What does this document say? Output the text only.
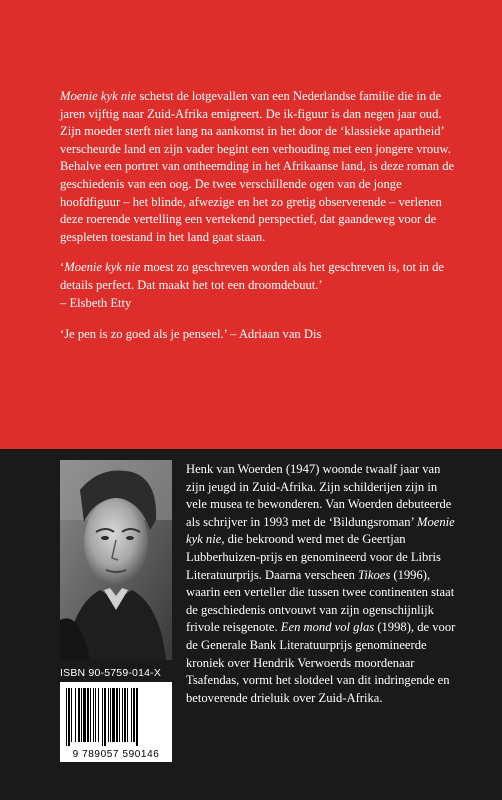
Moenie kyk nie schetst de lotgevallen van een Nederlandse familie die in de jaren vijftig naar Zuid-Afrika emigreert. De ik-figuur is dan negen jaar oud. Zijn moeder sterft niet lang na aankomst in het door de ‘klassieke apartheid’ verscheurde land en zijn vader begint een verhouding met een jongere vrouw.

Behalve een portret van ontheemding in het Afrikaanse land, is deze roman de geschiedenis van een oog. De twee verschillende ogen van de jonge hoofdfiguur – het blinde, afwezige en het zo gretig observerende – verlenen deze roerende vertelling een vertekend perspectief, dat gaandeweg voor de gespleten toestand in het land gaat staan.

‘Moenie kyk nie moest zo geschreven worden als het geschreven is, tot in de details perfect. Dat maakt het tot een droomdebuut.’

– Elsbeth Etty

‘Je pen is zo goed als je penseel.’ – Adriaan van Dis

ISBN 90-5759-014-X
9 789057 590146

Henk van Woerden (1947) woonde twaalf jaar van zijn jeugd in Zuid-Afrika. Zijn schilderijen zijn in vele musea te bewonderen. Van Woerden debuteerde als schrijver in 1993 met de ‘Bildungsroman’ Moenie kyk nie, die bekroond werd met de Geertjan Lubberhuizen-prijs en genomineerd voor de Libris Literatuurprijs. Daarna verscheen Tikoes (1996), waarin een verteller die tussen twee continenten staat de geschiedenis ontvouwt van zijn ogenschijnlijk frivole reisgenote. Een mond vol glas (1998), de voor de Generale Bank Literatuurprijs genomineerde kroniek over Hendrik Verwoerds moordenaar Tsafendas, vormt het slotdeel van dit indringende en betoverende drieluik over Zuid-Afrika.
